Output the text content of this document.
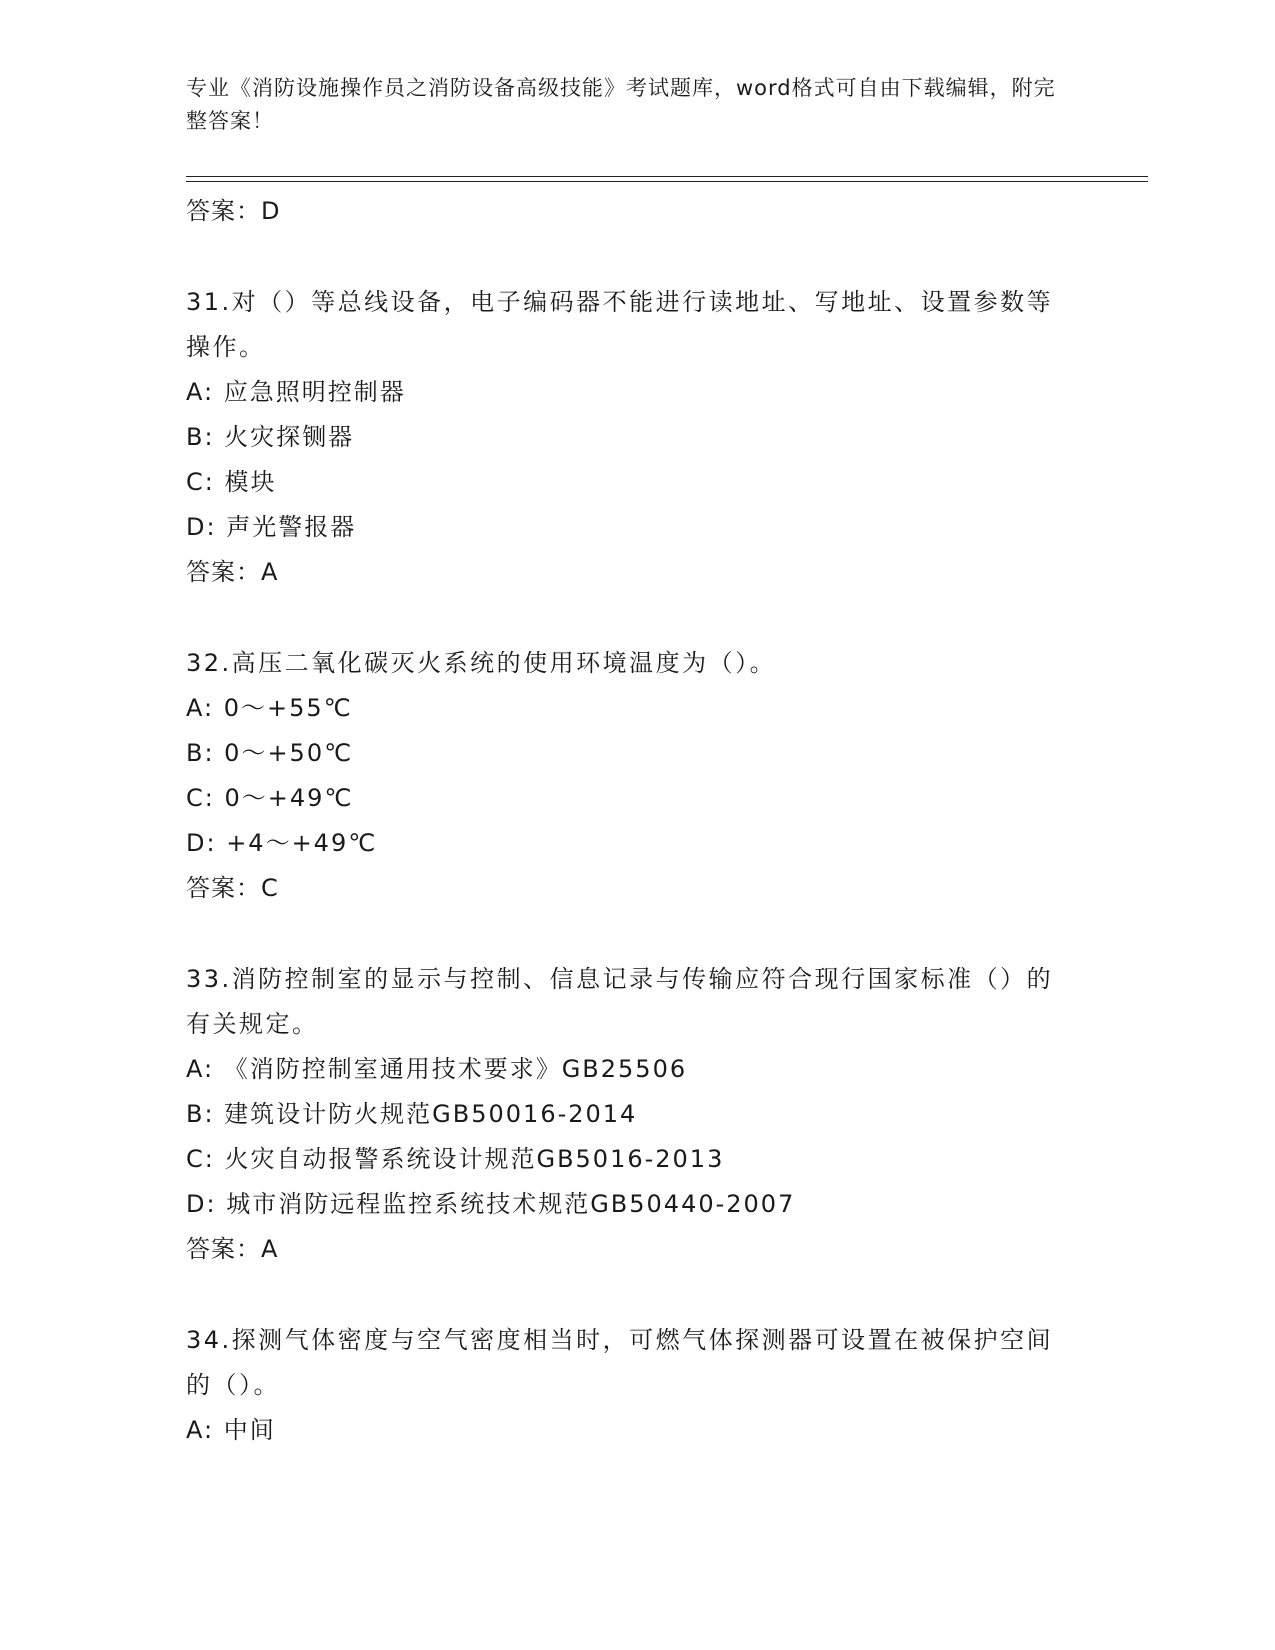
专业《消防设施操作员之消防设备高级技能》考试题库，word格式可自由下载编辑，附完整答案！
答案：D
31.对（）等总线设备，电子编码器不能进行读地址、写地址、设置参数等操作。
A: 应急照明控制器
B: 火灾探铡器
C: 模块
D: 声光警报器
答案：A
32.高压二氧化碳灭火系统的使用环境温度为（）。
A: 0～+55℃
B: 0～+50℃
C: 0～+49℃
D: +4～+49℃
答案：C
33.消防控制室的显示与控制、信息记录与传输应符合现行国家标准（）的有关规定。
A: 《消防控制室通用技术要求》GB25506
B: 建筑设计防火规范GB50016-2014
C: 火灾自动报警系统设计规范GB5016-2013
D: 城市消防远程监控系统技术规范GB50440-2007
答案：A
34.探测气体密度与空气密度相当时，可燃气体探测器可设置在被保护空间的（）。
A: 中间
